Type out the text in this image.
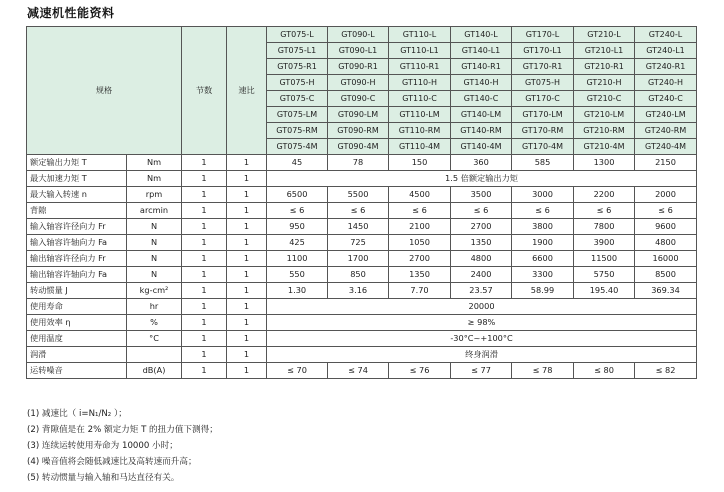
减速机性能资料
规格		节数	速比	GT075-L	GT090-L	GT110-L	GT140-L	GT170-L	GT210-L	GT240-L
				GT075-L1	GT090-L1	GT110-L1	GT140-L1	GT170-L1	GT210-L1	GT240-L1
				GT075-R1	GT090-R1	GT110-R1	GT140-R1	GT170-R1	GT210-R1	GT240-R1
				GT075-H	GT090-H	GT110-H	GT140-H	GT075-H	GT210-H	GT240-H
				GT075-C	GT090-C	GT110-C	GT140-C	GT170-C	GT210-C	GT240-C
				GT075-LM	GT090-LM	GT110-LM	GT140-LM	GT170-LM	GT210-LM	GT240-LM
				GT075-RM	GT090-RM	GT110-RM	GT140-RM	GT170-RM	GT210-RM	GT240-RM
				GT075-4M	GT090-4M	GT110-4M	GT140-4M	GT170-4M	GT210-4M	GT240-4M
额定输出力矩 T	Nm	1	1	45	78	150	360	585	1300	2150
最大加速力矩 T	Nm	1	1	1.5 倍额定输出力矩						
最大输入转速 n	rpm	1	1	6500	5500	4500	3500	3000	2200	2000
背隙	arcmin	1	1	≤ 6	≤ 6	≤ 6	≤ 6	≤ 6	≤ 6	≤ 6
输入轴容许径向力 Fr	N	1	1	950	1450	2100	2700	3800	7800	9600
输入轴容许轴向力 Fa	N	1	1	425	725	1050	1350	1900	3900	4800
输出轴容许径向力 Fr	N	1	1	1100	1700	2700	4800	6600	11500	16000
输出轴容许轴向力 Fa	N	1	1	550	850	1350	2400	3300	5750	8500
转动惯量 J	kg-cm²	1	1	1.30	3.16	7.70	23.57	58.99	195.40	369.34
使用寿命	hr	1	1	20000						
使用效率 η	%	1	1	≥ 98%						
使用温度	°C	1	1	-30°C~+100°C						
润滑		1	1	终身润滑						
运转噪音	dB(A)	1	1	≤ 70	≤ 74	≤ 76	≤ 77	≤ 78	≤ 80	≤ 82
(1) 减速比（ i=N₁/N₂ ）；
(2) 背隙值是在 2% 额定力矩 T 的扭力值下测得；
(3) 连续运转使用寿命为 10000 小时；
(4) 噪音值将会随低减速比及高转速而升高；
(5) 转动惯量与输入轴和马达直径有关。
